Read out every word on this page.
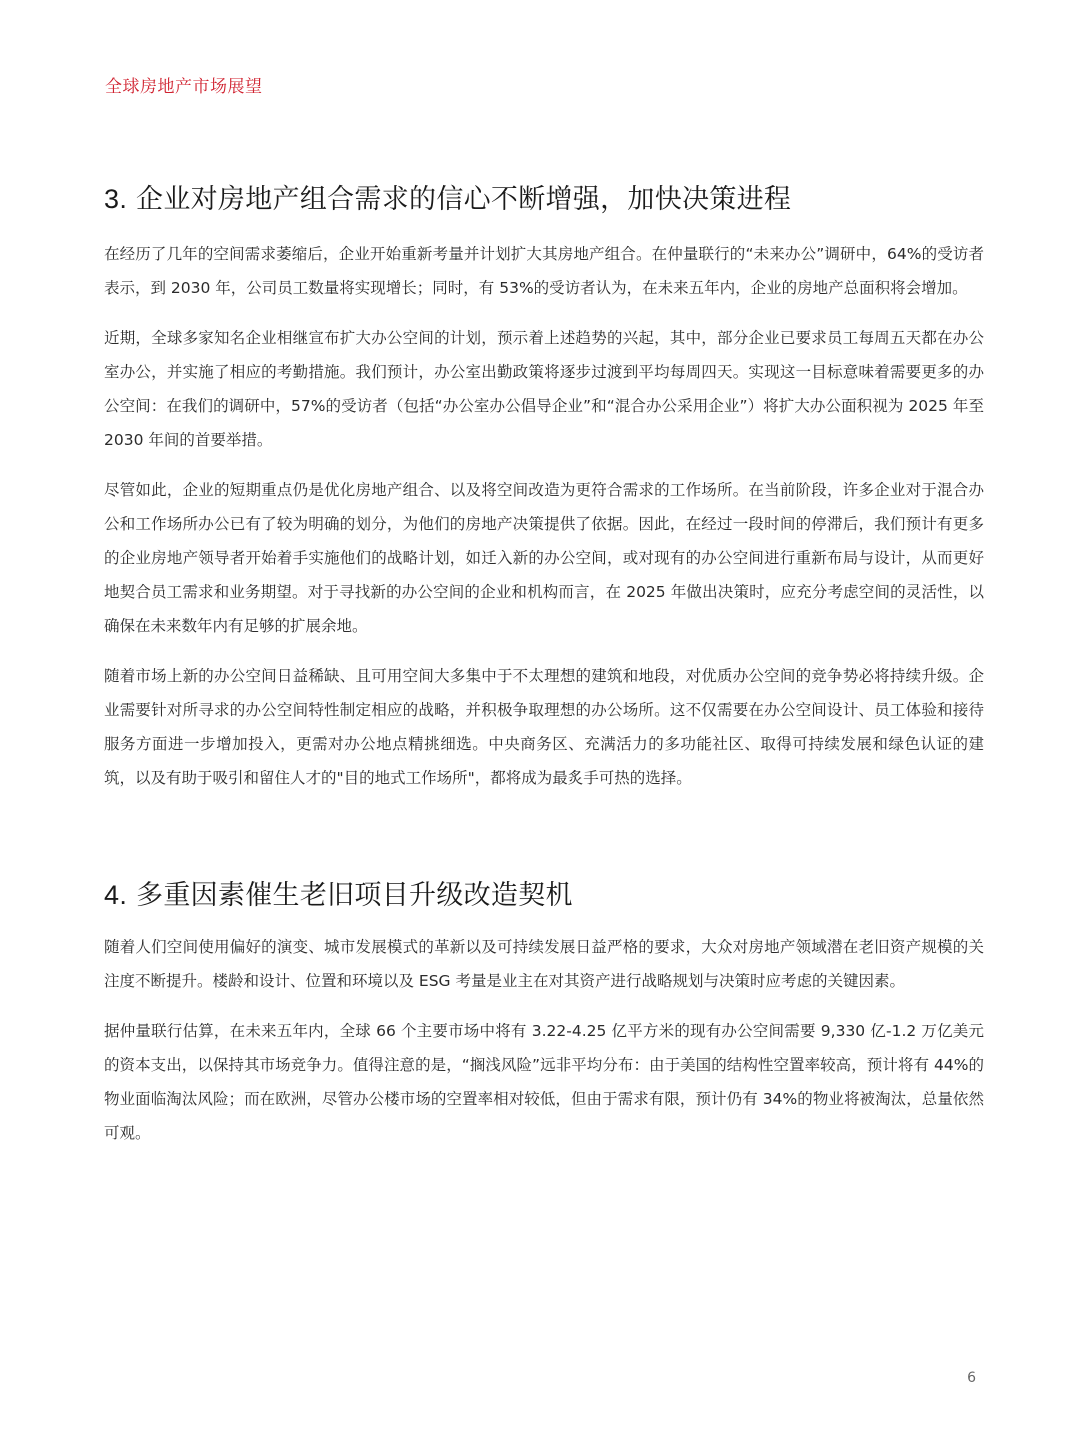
全球房地产市场展望
3. 企业对房地产组合需求的信心不断增强，加快决策进程

在经历了几年的空间需求萎缩后，企业开始重新考量并计划扩大其房地产组合。在仲量联行的“未来办公”调研中，64%的受访者表示，到 2030 年，公司员工数量将实现增长；同时，有 53%的受访者认为，在未来五年内，企业的房地产总面积将会增加。

近期，全球多家知名企业相继宣布扩大办公空间的计划，预示着上述趋势的兴起，其中，部分企业已要求员工每周五天都在办公室办公，并实施了相应的考勤措施。我们预计，办公室出勤政策将逐步过渡到平均每周四天。实现这一目标意味着需要更多的办公空间：在我们的调研中，57%的受访者（包括“办公室办公倡导企业”和“混合办公采用企业”）将扩大办公面积视为 2025 年至 2030 年间的首要举措。

尽管如此，企业的短期重点仍是优化房地产组合、以及将空间改造为更符合需求的工作场所。在当前阶段，许多企业对于混合办公和工作场所办公已有了较为明确的划分，为他们的房地产决策提供了依据。因此，在经过一段时间的停滞后，我们预计有更多的企业房地产领导者开始着手实施他们的战略计划，如迁入新的办公空间，或对现有的办公空间进行重新布局与设计，从而更好地契合员工需求和业务期望。对于寻找新的办公空间的企业和机构而言，在 2025 年做出决策时，应充分考虑空间的灵活性，以确保在未来数年内有足够的扩展余地。

随着市场上新的办公空间日益稀缺、且可用空间大多集中于不太理想的建筑和地段，对优质办公空间的竞争势必将持续升级。企业需要针对所寻求的办公空间特性制定相应的战略，并积极争取理想的办公场所。这不仅需要在办公空间设计、员工体验和接待服务方面进一步增加投入，更需对办公地点精挑细选。中央商务区、充满活力的多功能社区、取得可持续发展和绿色认证的建筑，以及有助于吸引和留住人才的"目的地式工作场所"，都将成为最炙手可热的选择。

4. 多重因素催生老旧项目升级改造契机

随着人们空间使用偏好的演变、城市发展模式的革新以及可持续发展日益严格的要求，大众对房地产领域潜在老旧资产规模的关注度不断提升。楼龄和设计、位置和环境以及 ESG 考量是业主在对其资产进行战略规划与决策时应考虑的关键因素。

据仲量联行估算，在未来五年内，全球 66 个主要市场中将有 3.22-4.25 亿平方米的现有办公空间需要 9,330 亿-1.2 万亿美元的资本支出，以保持其市场竞争力。值得注意的是，“搁浅风险”远非平均分布：由于美国的结构性空置率较高，预计将有 44%的物业面临淘汰风险；而在欧洲，尽管办公楼市场的空置率相对较低，但由于需求有限，预计仍有 34%的物业将被淘汰，总量依然可观。

6
